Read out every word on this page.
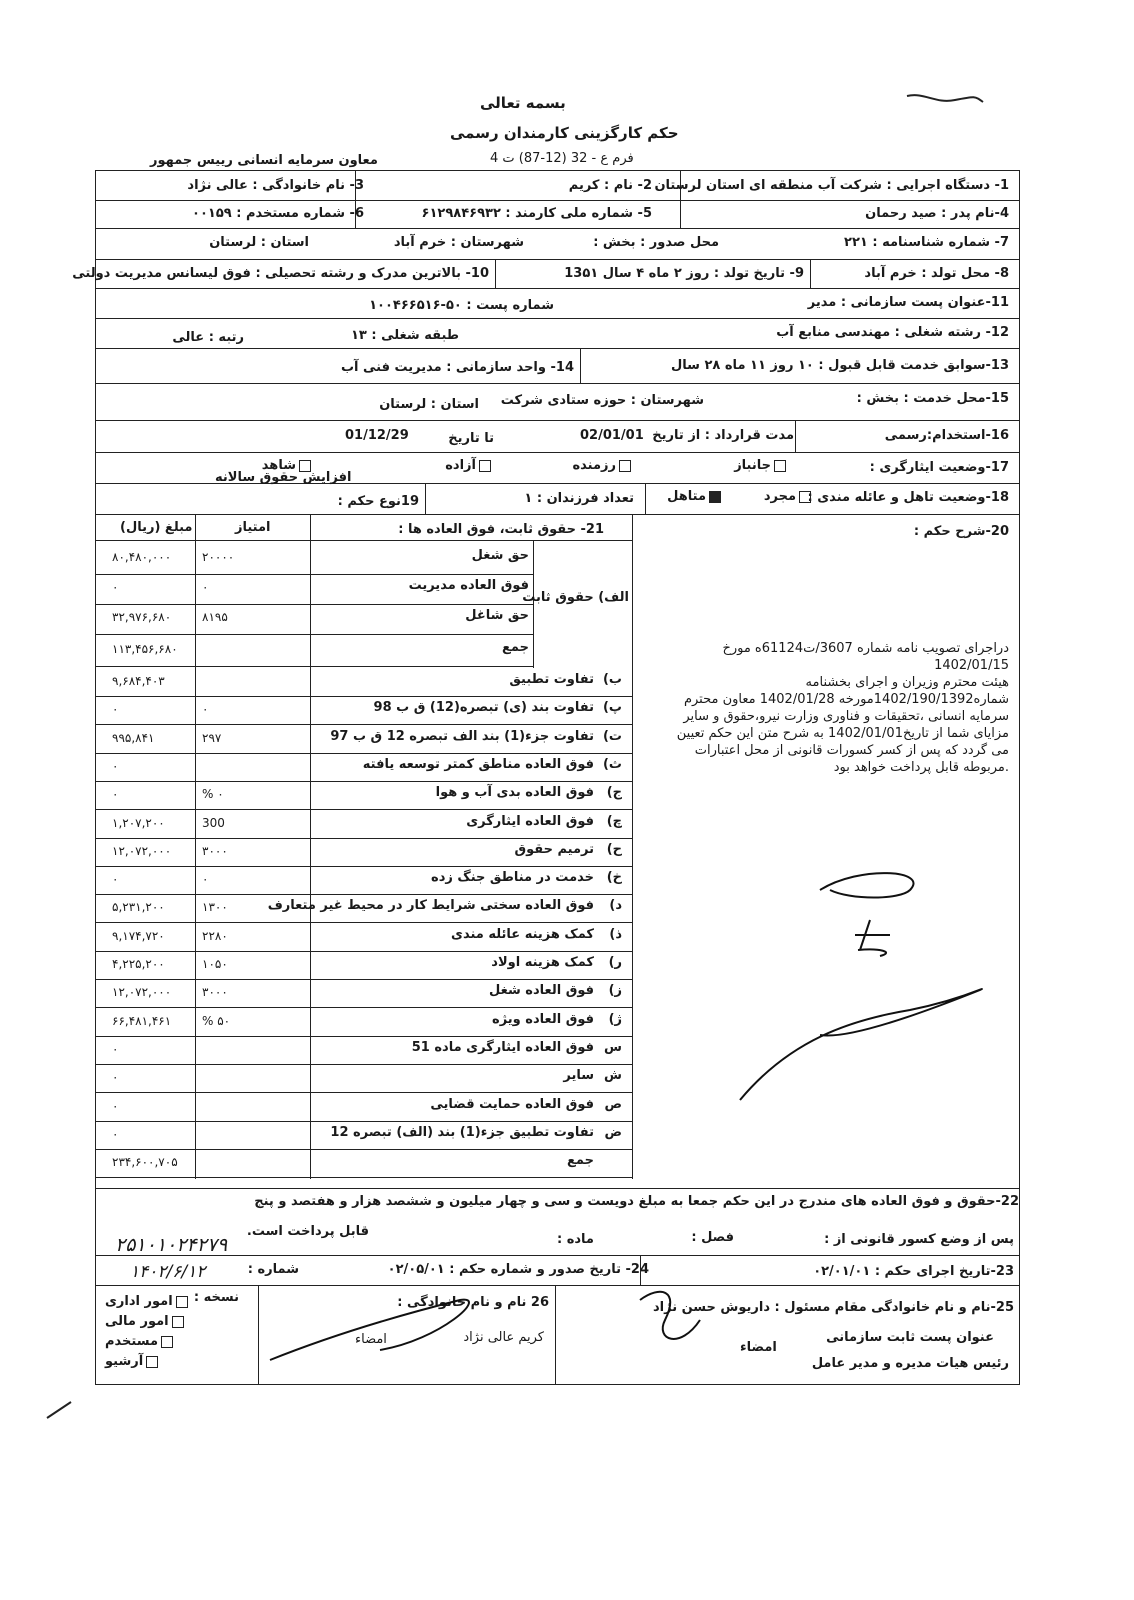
بسمه تعالی
حکم کارگزینی کارمندان رسمی
فرم ع - 32 (12-87) ت 4
معاون سرمایه انسانی رییس جمهور
1- دستگاه اجرایی : شرکت آب منطقه ای استان لرستان
2- نام : کریم
3- نام خانوادگی : عالی نژاد
4-نام پدر : صید رحمان
5- شماره ملی کارمند : ۶۱۲۹۸۴۶۹۳۲
6- شماره مستخدم : ۰۰۱۵۹
7- شماره شناسنامه : ۲۲۱
محل صدور : بخش :
شهرستان : خرم آباد
استان : لرستان
8- محل تولد : خرم آباد
9- تاریخ تولد : روز ۲ ماه ۴ سال 13۵۱
10- بالاترین مدرک و رشته تحصیلی : فوق لیسانس مدیریت دولتی
11-عنوان پست سازمانی : مدیر
شماره پست : ۵۰-۱۰۰۴۶۶۵۱۶
12- رشته شغلی : مهندسی منابع آب
طبقه شغلی : ۱۳
رتبه : عالی
13-سوابق خدمت قابل قبول : ۱۰ روز ۱۱ ماه ۲۸ سال
14- واحد سازمانی : مدیریت فنی آب
15-محل خدمت : بخش :
شهرستان : حوزه ستادی شرکت
استان : لرستان
16-استخدام:رسمی
مدت قرارداد : از تاریخ
02/01/01
تا تاریخ
01/12/29
17-وضعیت ایثارگری :
جانباز
رزمنده
آزاده
شاهد
افزایش حقوق سالانه
18-وضعیت تاهل و عائله مندی :
مجرد
متاهل
تعداد فرزندان : ۱
19نوع حکم :
20-شرح حکم :
دراجرای تصویب نامه شماره 3607/ت61124ه مورخ 1402/01/15
هیئت محترم وزیران و اجرای بخشنامه
شماره1402/190/1392مورخه 1402/01/28 معاون محترم
سرمایه انسانی ،تحقیقات و فناوری وزارت نیرو،حقوق و سایر
مزایای شما از تاریخ1402/01/01 به شرح متن این حکم تعیین
می گردد که پس از کسر کسورات قانونی از محل اعتبارات
.مربوطه قابل پرداخت خواهد بود
21- حقوق ثابت، فوق العاده ها :
امتیاز
مبلغ (ریال)
الف) حقوق ثابت
حق شغل
۲۰۰۰۰
۸۰,۴۸۰,۰۰۰
فوق العاده مدیریت
۰
۰
حق شاغل
۸۱۹۵
۳۲,۹۷۶,۶۸۰
جمع
۱۱۳,۴۵۶,۶۸۰
ب)
تفاوت تطبیق
۹,۶۸۴,۴۰۳
پ)
تفاوت بند (ی) تبصره(12) ق ب 98
۰
۰
ت)
تفاوت جزء(1) بند الف تبصره 12 ق ب 97
۲۹۷
۹۹۵,۸۴۱
ث)
فوق العاده مناطق کمتر توسعه یافته
۰
ج)
فوق العاده بدی آب و هوا
% ۰
۰
چ)
فوق العاده ایثارگری
300
۱,۲۰۷,۲۰۰
ح)
ترمیم حقوق
۳۰۰۰
۱۲,۰۷۲,۰۰۰
خ)
خدمت در مناطق جنگ زده
۰
۰
د)
فوق العاده سختی شرایط کار در محیط غیر متعارف
۱۳۰۰
۵,۲۳۱,۲۰۰
ذ)
کمک هزینه عائله مندی
۲۲۸۰
۹,۱۷۴,۷۲۰
ر)
کمک هزینه اولاد
۱۰۵۰
۴,۲۲۵,۲۰۰
ز)
فوق العاده شغل
۳۰۰۰
۱۲,۰۷۲,۰۰۰
ژ)
فوق العاده ویژه
% ۵۰
۶۶,۴۸۱,۴۶۱
س
فوق العاده ایثارگری ماده 51
۰
ش
سایر
۰
ص
فوق العاده حمایت قضایی
۰
ض
تفاوت تطبیق جزء(1) بند (الف) تبصره 12
۰
جمع
۲۳۴,۶۰۰,۷۰۵
22-حقوق و فوق العاده های مندرج در این حکم جمعا به مبلغ دویست و سی و چهار میلیون و ششصد هزار و هفتصد و پنج
پس از وضع کسور قانونی از :
فصل :
ماده :
قابل پرداخت است.
۲۵۱۰۱۰۲۴۲۷۹
23-تاریخ اجرای حکم : ۰۲/۰۱/۰۱
24- تاریخ صدور و شماره حکم : ۰۲/۰۵/۰۱
شماره :
۱۴۰۲/۶/۱۲
نسخه :
امور اداری
امور مالی
مستخدم
آرشیو
26 نام و نام خانوادگی :
کریم عالی نژاد
امضاء
25-نام و نام خانوادگی مقام مسئول : داریوش حسن نژاد
عنوان پست ثابت سازمانی
رئیس هیات مدیره و مدیر عامل
امضاء
